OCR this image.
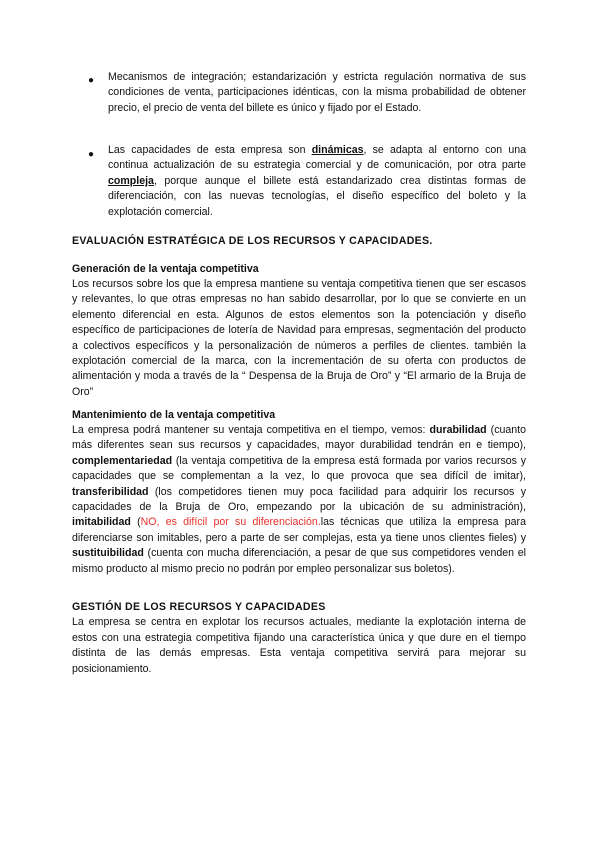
● Mecanismos de integración; estandarización y estricta regulación normativa de sus condiciones de venta, participaciones idénticas, con la misma probabilidad de obtener precio, el precio de venta del billete es único y fijado por el Estado.
● Las capacidades de esta empresa son dinámicas, se adapta al entorno con una continua actualización de su estrategia comercial y de comunicación, por otra parte compleja, porque aunque el billete está estandarizado crea distintas formas de diferenciación, con las nuevas tecnologías, el diseño específico del boleto y la explotación comercial.
EVALUACIÓN ESTRATÉGICA DE LOS RECURSOS Y CAPACIDADES.
Generación de la ventaja competitiva
Los recursos sobre los que la empresa mantiene su ventaja competitiva tienen que ser escasos y relevantes, lo que otras empresas no han sabido desarrollar, por lo que se convierte en un elemento diferencial en esta. Algunos de estos elementos son la potenciación y diseño específico de participaciones de lotería de Navidad para empresas, segmentación del producto a colectivos específicos y la personalización de números a perfiles de clientes. también la explotación comercial de la marca, con la incrementación de su oferta con productos de alimentación y moda a través de la “ Despensa de la Bruja de Oro” y “El armario de la Bruja de Oro”
Mantenimiento de la ventaja competitiva
La empresa podrá mantener su ventaja competitiva en el tiempo, vemos: durabilidad (cuanto más diferentes sean sus recursos y capacidades, mayor durabilidad tendrán en e tiempo), complementariedad (la ventaja competitiva de la empresa está formada por varios recursos y capacidades que se complementan a la vez, lo que provoca que sea difícil de imitar), transferibilidad (los competidores tienen muy poca facilidad para adquirir los recursos y capacidades de la Bruja de Oro, empezando por la ubicación de su administración), imitabilidad (NO, es difícil por su diferenciación.las técnicas que utiliza la empresa para diferenciarse son imitables, pero a parte de ser complejas, esta ya tiene unos clientes fieles) y sustituibilidad (cuenta con mucha diferenciación, a pesar de que sus competidores venden el mismo producto al mismo precio no podrán por empleo personalizar sus boletos).
GESTIÓN DE LOS RECURSOS Y CAPACIDADES
La empresa se centra en explotar los recursos actuales, mediante la explotación interna de estos con una estrategia competitiva fijando una característica única y que dure en el tiempo distinta de las demás empresas. Esta ventaja competitiva servirá para mejorar su posicionamiento.
